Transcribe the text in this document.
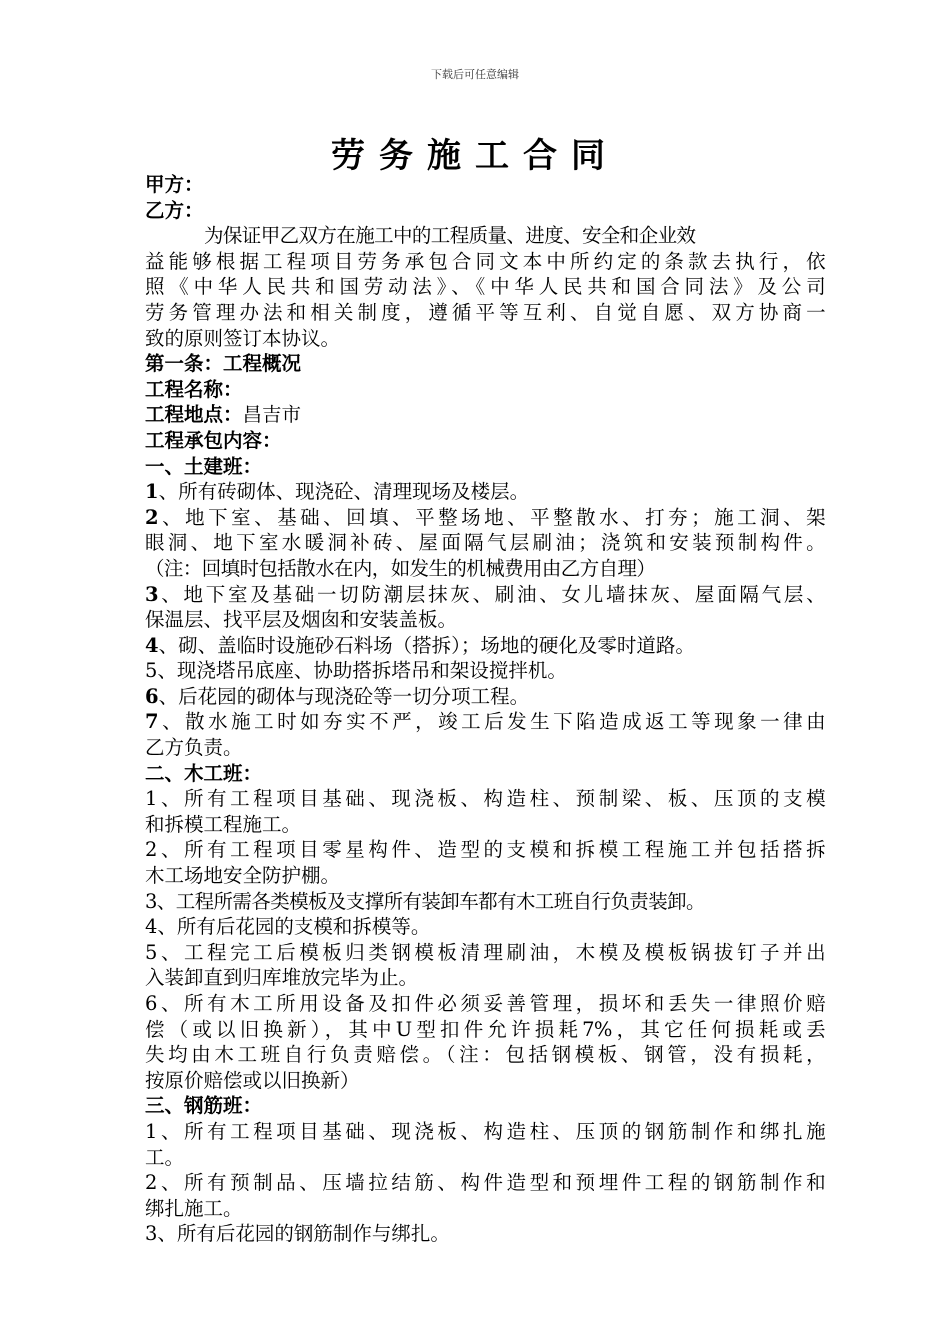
下载后可任意编辑
劳务施工合同
甲方：
乙方：
为保证甲乙双方在施工中的工程质量、进度、安全和企业效
益能够根据工程项目劳务承包合同文本中所约定的条款去执行，依
照《中华人民共和国劳动法》、《中华人民共和国合同法》及公司
劳务管理办法和相关制度，遵循平等互利、自觉自愿、双方协商一
致的原则签订本协议。
第一条：工程概况
工程名称：
工程地点：昌吉市
工程承包内容：
一、土建班：
1、所有砖砌体、现浇砼、清理现场及楼层。
2、地下室、基础、回填、平整场地、平整散水、打夯；施工洞、架
眼洞、地下室水暖洞补砖、屋面隔气层刷油；浇筑和安装预制构件。
（注：回填时包括散水在内，如发生的机械费用由乙方自理）
3、地下室及基础一切防潮层抹灰、刷油、女儿墙抹灰、屋面隔气层、
保温层、找平层及烟囱和安装盖板。
4、砌、盖临时设施砂石料场（搭拆）；场地的硬化及零时道路。
5、现浇塔吊底座、协助搭拆塔吊和架设搅拌机。
6、后花园的砌体与现浇砼等一切分项工程。
7、散水施工时如夯实不严，竣工后发生下陷造成返工等现象一律由
乙方负责。
二、木工班：
1、所有工程项目基础、现浇板、构造柱、预制梁、板、压顶的支模
和拆模工程施工。
2、所有工程项目零星构件、造型的支模和拆模工程施工并包括搭拆
木工场地安全防护棚。
3、工程所需各类模板及支撑所有装卸车都有木工班自行负责装卸。
4、所有后花园的支模和拆模等。
5、工程完工后模板归类钢模板清理刷油，木模及模板锅拔钉子并出
入装卸直到归库堆放完毕为止。
6、所有木工所用设备及扣件必须妥善管理，损坏和丢失一律照价赔
偿（或以旧换新），其中U型扣件允许损耗7%，其它任何损耗或丢
失均由木工班自行负责赔偿。（注：包括钢模板、钢管，没有损耗，
按原价赔偿或以旧换新）
三、钢筋班：
1、所有工程项目基础、现浇板、构造柱、压顶的钢筋制作和绑扎施
工。
2、所有预制品、压墙拉结筋、构件造型和预埋件工程的钢筋制作和
绑扎施工。
3、所有后花园的钢筋制作与绑扎。
